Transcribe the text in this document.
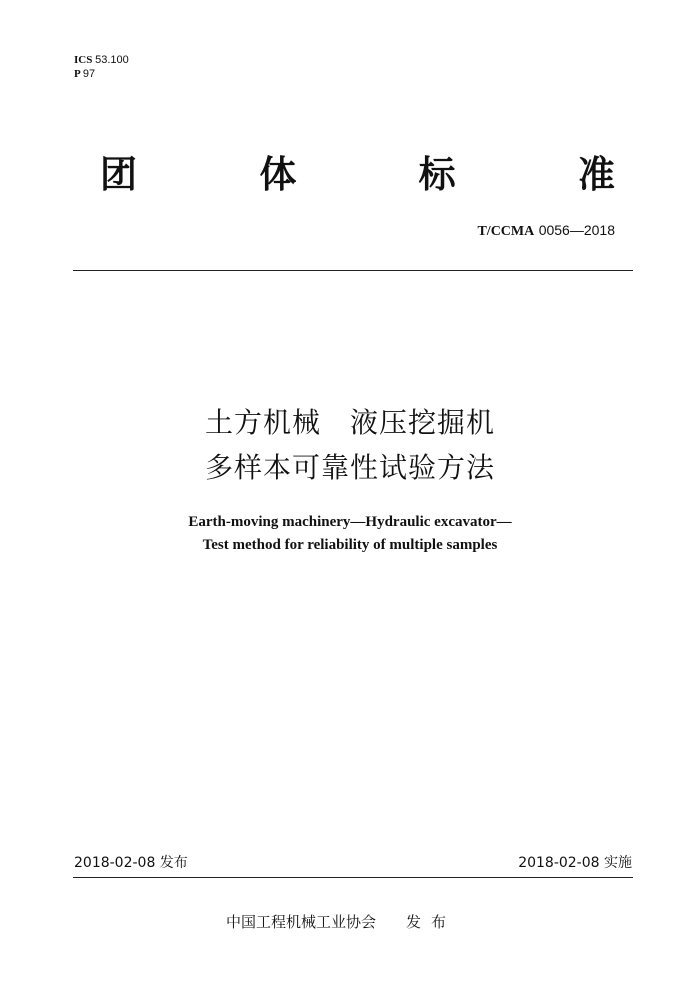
ICS 53.100
P 97
团	体	标	准
T/CCMA 0056—2018
土方机械　液压挖掘机
多样本可靠性试验方法
Earth-moving machinery—Hydraulic excavator—
Test method for reliability of multiple samples
2018-02-08 发布	2018-02-08 实施
中国工程机械工业协会 发布
